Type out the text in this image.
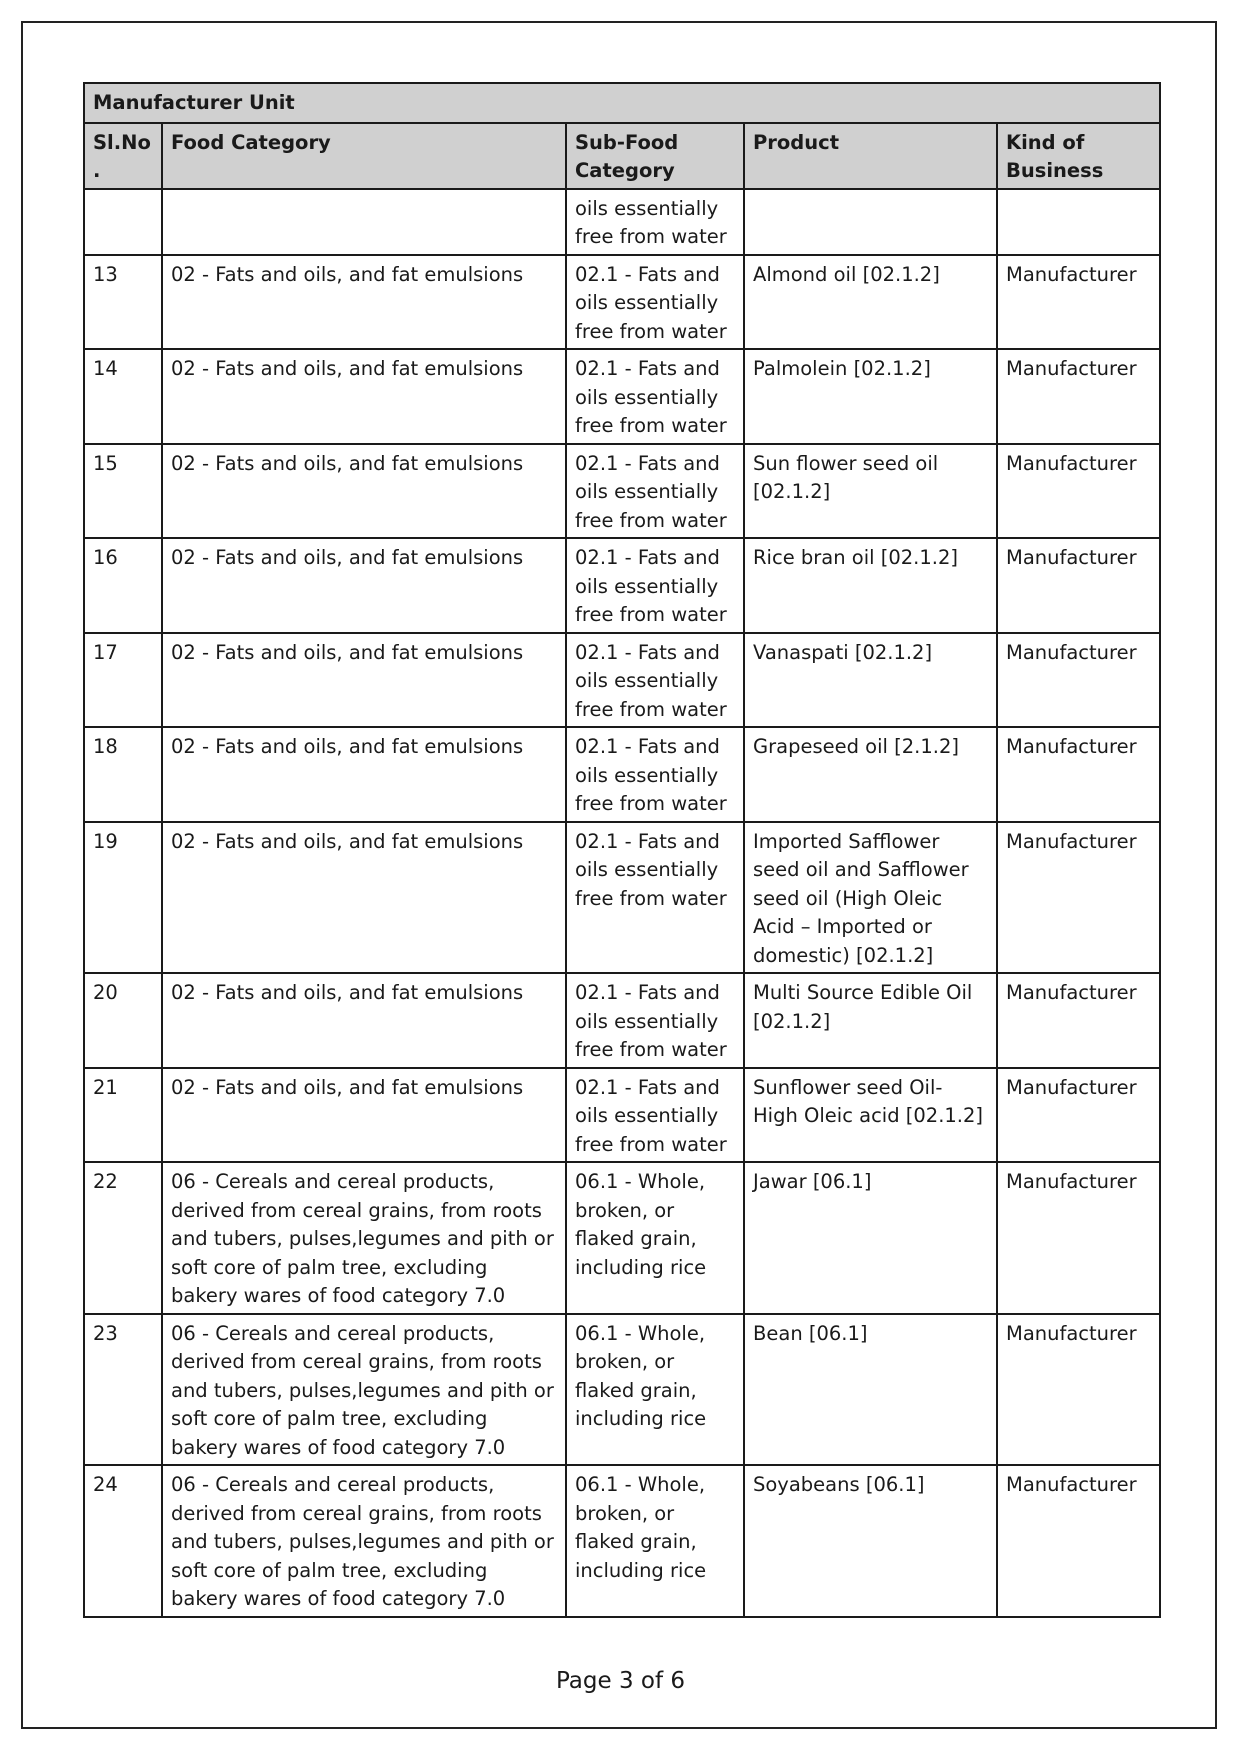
Manufacturer Unit				
Sl.No.	Food Category	Sub-Food Category	Product	Kind of Business
		oils essentially free from water		
13	02 - Fats and oils, and fat emulsions	02.1 - Fats and oils essentially free from water	Almond oil [02.1.2]	Manufacturer
14	02 - Fats and oils, and fat emulsions	02.1 - Fats and oils essentially free from water	Palmolein [02.1.2]	Manufacturer
15	02 - Fats and oils, and fat emulsions	02.1 - Fats and oils essentially free from water	Sun flower seed oil [02.1.2]	Manufacturer
16	02 - Fats and oils, and fat emulsions	02.1 - Fats and oils essentially free from water	Rice bran oil [02.1.2]	Manufacturer
17	02 - Fats and oils, and fat emulsions	02.1 - Fats and oils essentially free from water	Vanaspati [02.1.2]	Manufacturer
18	02 - Fats and oils, and fat emulsions	02.1 - Fats and oils essentially free from water	Grapeseed oil [2.1.2]	Manufacturer
19	02 - Fats and oils, and fat emulsions	02.1 - Fats and oils essentially free from water	Imported Safflower seed oil and Safflower seed oil (High Oleic Acid – Imported or domestic) [02.1.2]	Manufacturer
20	02 - Fats and oils, and fat emulsions	02.1 - Fats and oils essentially free from water	Multi Source Edible Oil [02.1.2]	Manufacturer
21	02 - Fats and oils, and fat emulsions	02.1 - Fats and oils essentially free from water	Sunflower seed Oil- High Oleic acid [02.1.2]	Manufacturer
22	06 - Cereals and cereal products, derived from cereal grains, from roots and tubers, pulses,legumes and pith or soft core of palm tree, excluding bakery wares of food category 7.0	06.1 - Whole, broken, or flaked grain, including rice	Jawar [06.1]	Manufacturer
23	06 - Cereals and cereal products, derived from cereal grains, from roots and tubers, pulses,legumes and pith or soft core of palm tree, excluding bakery wares of food category 7.0	06.1 - Whole, broken, or flaked grain, including rice	Bean [06.1]	Manufacturer
24	06 - Cereals and cereal products, derived from cereal grains, from roots and tubers, pulses,legumes and pith or soft core of palm tree, excluding bakery wares of food category 7.0	06.1 - Whole, broken, or flaked grain, including rice	Soyabeans [06.1]	Manufacturer
Page 3 of 6
